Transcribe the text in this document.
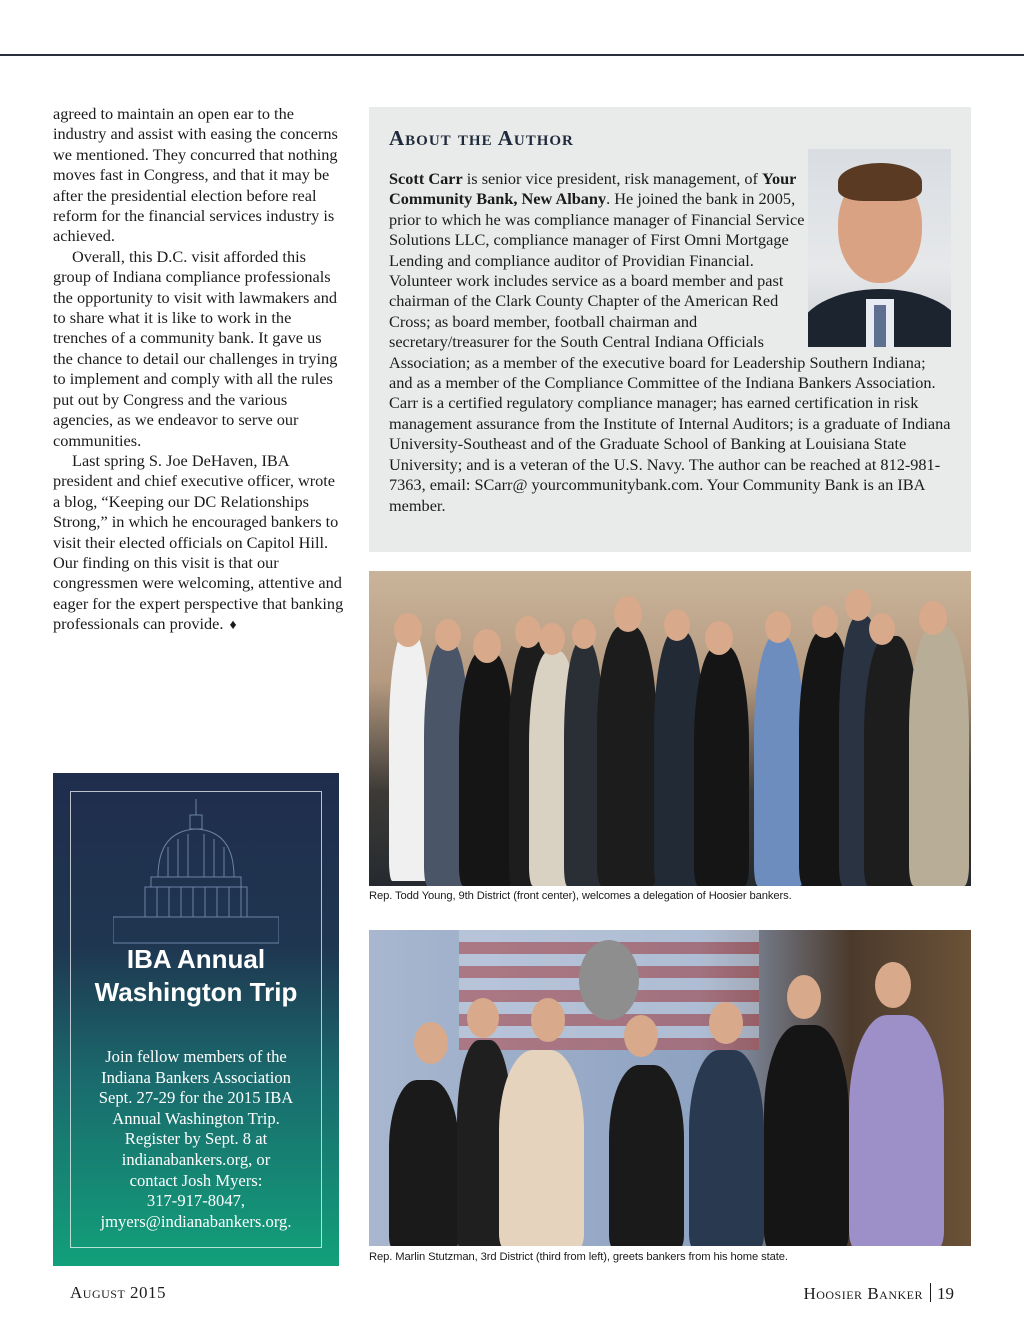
agreed to maintain an open ear to the industry and assist with easing the concerns we mentioned. They concurred that nothing moves fast in Congress, and that it may be after the presidential election before real reform for the financial services industry is achieved.

Overall, this D.C. visit afforded this group of Indiana compliance professionals the opportunity to visit with lawmakers and to share what it is like to work in the trenches of a community bank. It gave us the chance to detail our challenges in trying to implement and comply with all the rules put out by Congress and the various agencies, as we endeavor to serve our communities.

Last spring S. Joe DeHaven, IBA president and chief executive officer, wrote a blog, “Keeping our DC Relationships Strong,” in which he encouraged bankers to visit their elected officials on Capitol Hill. Our finding on this visit is that our congressmen were welcoming, attentive and eager for the expert perspective that banking professionals can provide. ♦

About the Author

Scott Carr is senior vice president, risk management, of Your Community Bank, New Albany. He joined the bank in 2005, prior to which he was compliance manager of Financial Service Solutions LLC, compliance manager of First Omni Mortgage Lending and compliance auditor of Providian Financial. Volunteer work includes service as a board member and past chairman of the Clark County Chapter of the American Red Cross; as board member, football chairman and secretary/treasurer for the South Central Indiana Officials Association; as a member of the executive board for Leadership Southern Indiana; and as a member of the Compliance Committee of the Indiana Bankers Association. Carr is a certified regulatory compliance manager; has earned certification in risk management assurance from the Institute of Internal Auditors; is a graduate of Indiana University-Southeast and of the Graduate School of Banking at Louisiana State University; and is a veteran of the U.S. Navy. The author can be reached at 812-981-7363, email: SCarr@ yourcommunitybank.com. Your Community Bank is an IBA member.

Rep. Todd Young, 9th District (front center), welcomes a delegation of Hoosier bankers.
Rep. Marlin Stutzman, 3rd District (third from left), greets bankers from his home state.
IBA Annual
Washington Trip
Join fellow members of the
Indiana Bankers Association
Sept. 27-29 for the 2015 IBA
Annual Washington Trip.
Register by Sept. 8 at
indianabankers.org, or
contact Josh Myers:
317-917-8047,
jmyers@indianabankers.org.
August 2015	Hoosier Banker 19
